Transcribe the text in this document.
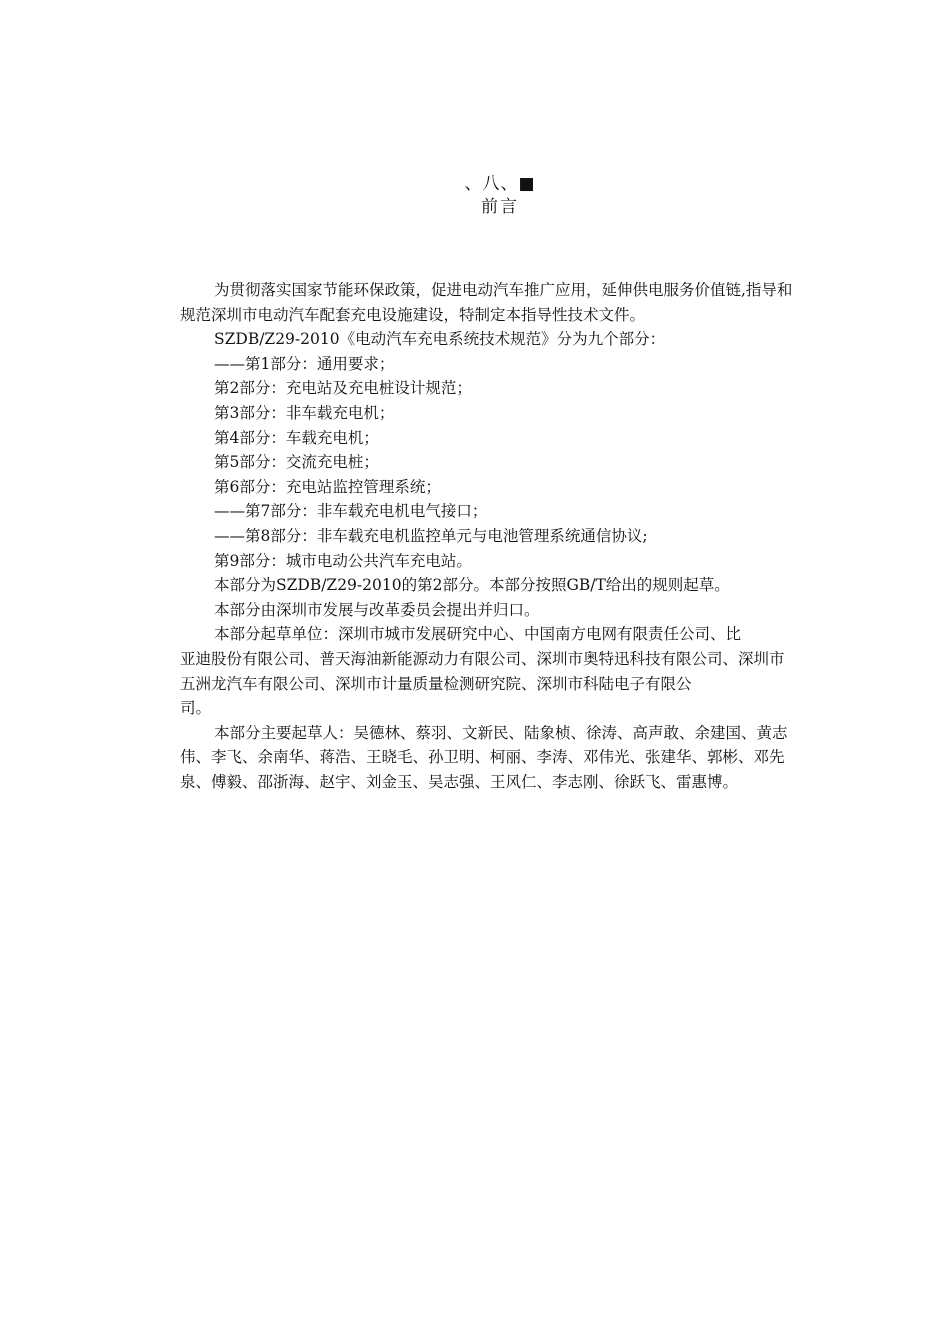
、八、■
前言

为贯彻落实国家节能环保政策，促进电动汽车推广应用，延伸供电服务价值链,指导和

规范深圳市电动汽车配套充电设施建设，特制定本指导性技术文件。

SZDB/Z29-2010《电动汽车充电系统技术规范》分为九个部分：

——第1部分：通用要求；

第2部分：充电站及充电桩设计规范；

第3部分：非车载充电机；

第4部分：车载充电机；

第5部分：交流充电桩；

第6部分：充电站监控管理系统；

——第7部分：非车载充电机电气接口；

——第8部分：非车载充电机监控单元与电池管理系统通信协议;

第9部分：城市电动公共汽车充电站。

本部分为SZDB/Z29-2010的第2部分。本部分按照GB/T给出的规则起草。

本部分由深圳市发展与改革委员会提出并归口。

本部分起草单位：深圳市城市发展研究中心、中国南方电网有限责任公司、比

亚迪股份有限公司、普天海油新能源动力有限公司、深圳市奥特迅科技有限公司、深圳市

五洲龙汽车有限公司、深圳市计量质量检测研究院、深圳市科陆电子有限公

司。

本部分主要起草人：吴德林、蔡羽、文新民、陆象桢、徐涛、高声敢、余建国、黄志

伟、李飞、余南华、蒋浩、王晓毛、孙卫明、柯丽、李涛、邓伟光、张建华、郭彬、邓先

泉、傅毅、邵浙海、赵宇、刘金玉、吴志强、王风仁、李志刚、徐跃飞、雷惠博。
